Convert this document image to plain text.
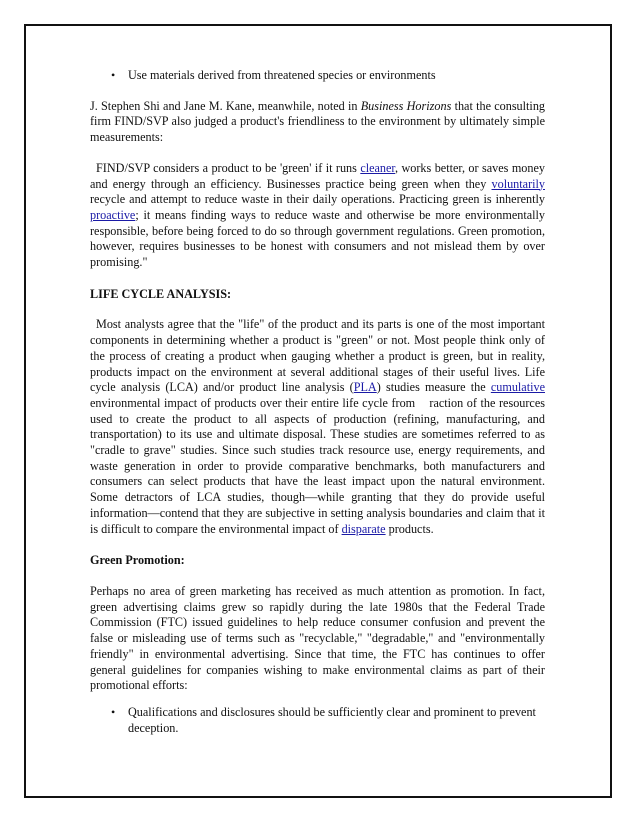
•	Use materials derived from threatened species or environments

J. Stephen Shi and Jane M. Kane, meanwhile, noted in Business Horizons that the consulting firm FIND/SVP also judged a product's friendliness to the environment by ultimately simple measurements:

FIND/SVP considers a product to be 'green' if it runs cleaner, works better, or saves money and energy through an efficiency. Businesses practice being green when they voluntarily recycle and attempt to reduce waste in their daily operations. Practicing green is inherently proactive; it means finding ways to reduce waste and otherwise be more environmentally responsible, before being forced to do so through government regulations. Green promotion, however, requires businesses to be honest with consumers and not mislead them by over promising."

LIFE CYCLE ANALYSIS:

Most analysts agree that the "life" of the product and its parts is one of the most important components in determining whether a product is "green" or not. Most people think only of the process of creating a product when gauging whether a product is green, but in reality, products impact on the environment at several additional stages of their useful lives. Life cycle analysis (LCA) and/or product line analysis (PLA) studies measure the cumulative environmental impact of products over their entire life cycle from    raction of the resources used to create the product to all aspects of production (refining, manufacturing, and transportation) to its use and ultimate disposal. These studies are sometimes referred to as "cradle to grave" studies. Since such studies track resource use, energy requirements, and waste generation in order to provide comparative benchmarks, both manufacturers and consumers can select products that have the least impact upon the natural environment. Some detractors of LCA studies, though—while granting that they do provide useful information—contend that they are subjective in setting analysis boundaries and claim that it is difficult to compare the environmental impact of disparate products.

Green Promotion:

Perhaps no area of green marketing has received as much attention as promotion. In fact, green advertising claims grew so rapidly during the late 1980s that the Federal Trade Commission (FTC) issued guidelines to help reduce consumer confusion and prevent the false or misleading use of terms such as "recyclable," "degradable," and "environmentally friendly" in environmental advertising. Since that time, the FTC has continues to offer general guidelines for companies wishing to make environmental claims as part of their promotional efforts:

•	Qualifications and disclosures should be sufficiently clear and prominent to prevent deception.
